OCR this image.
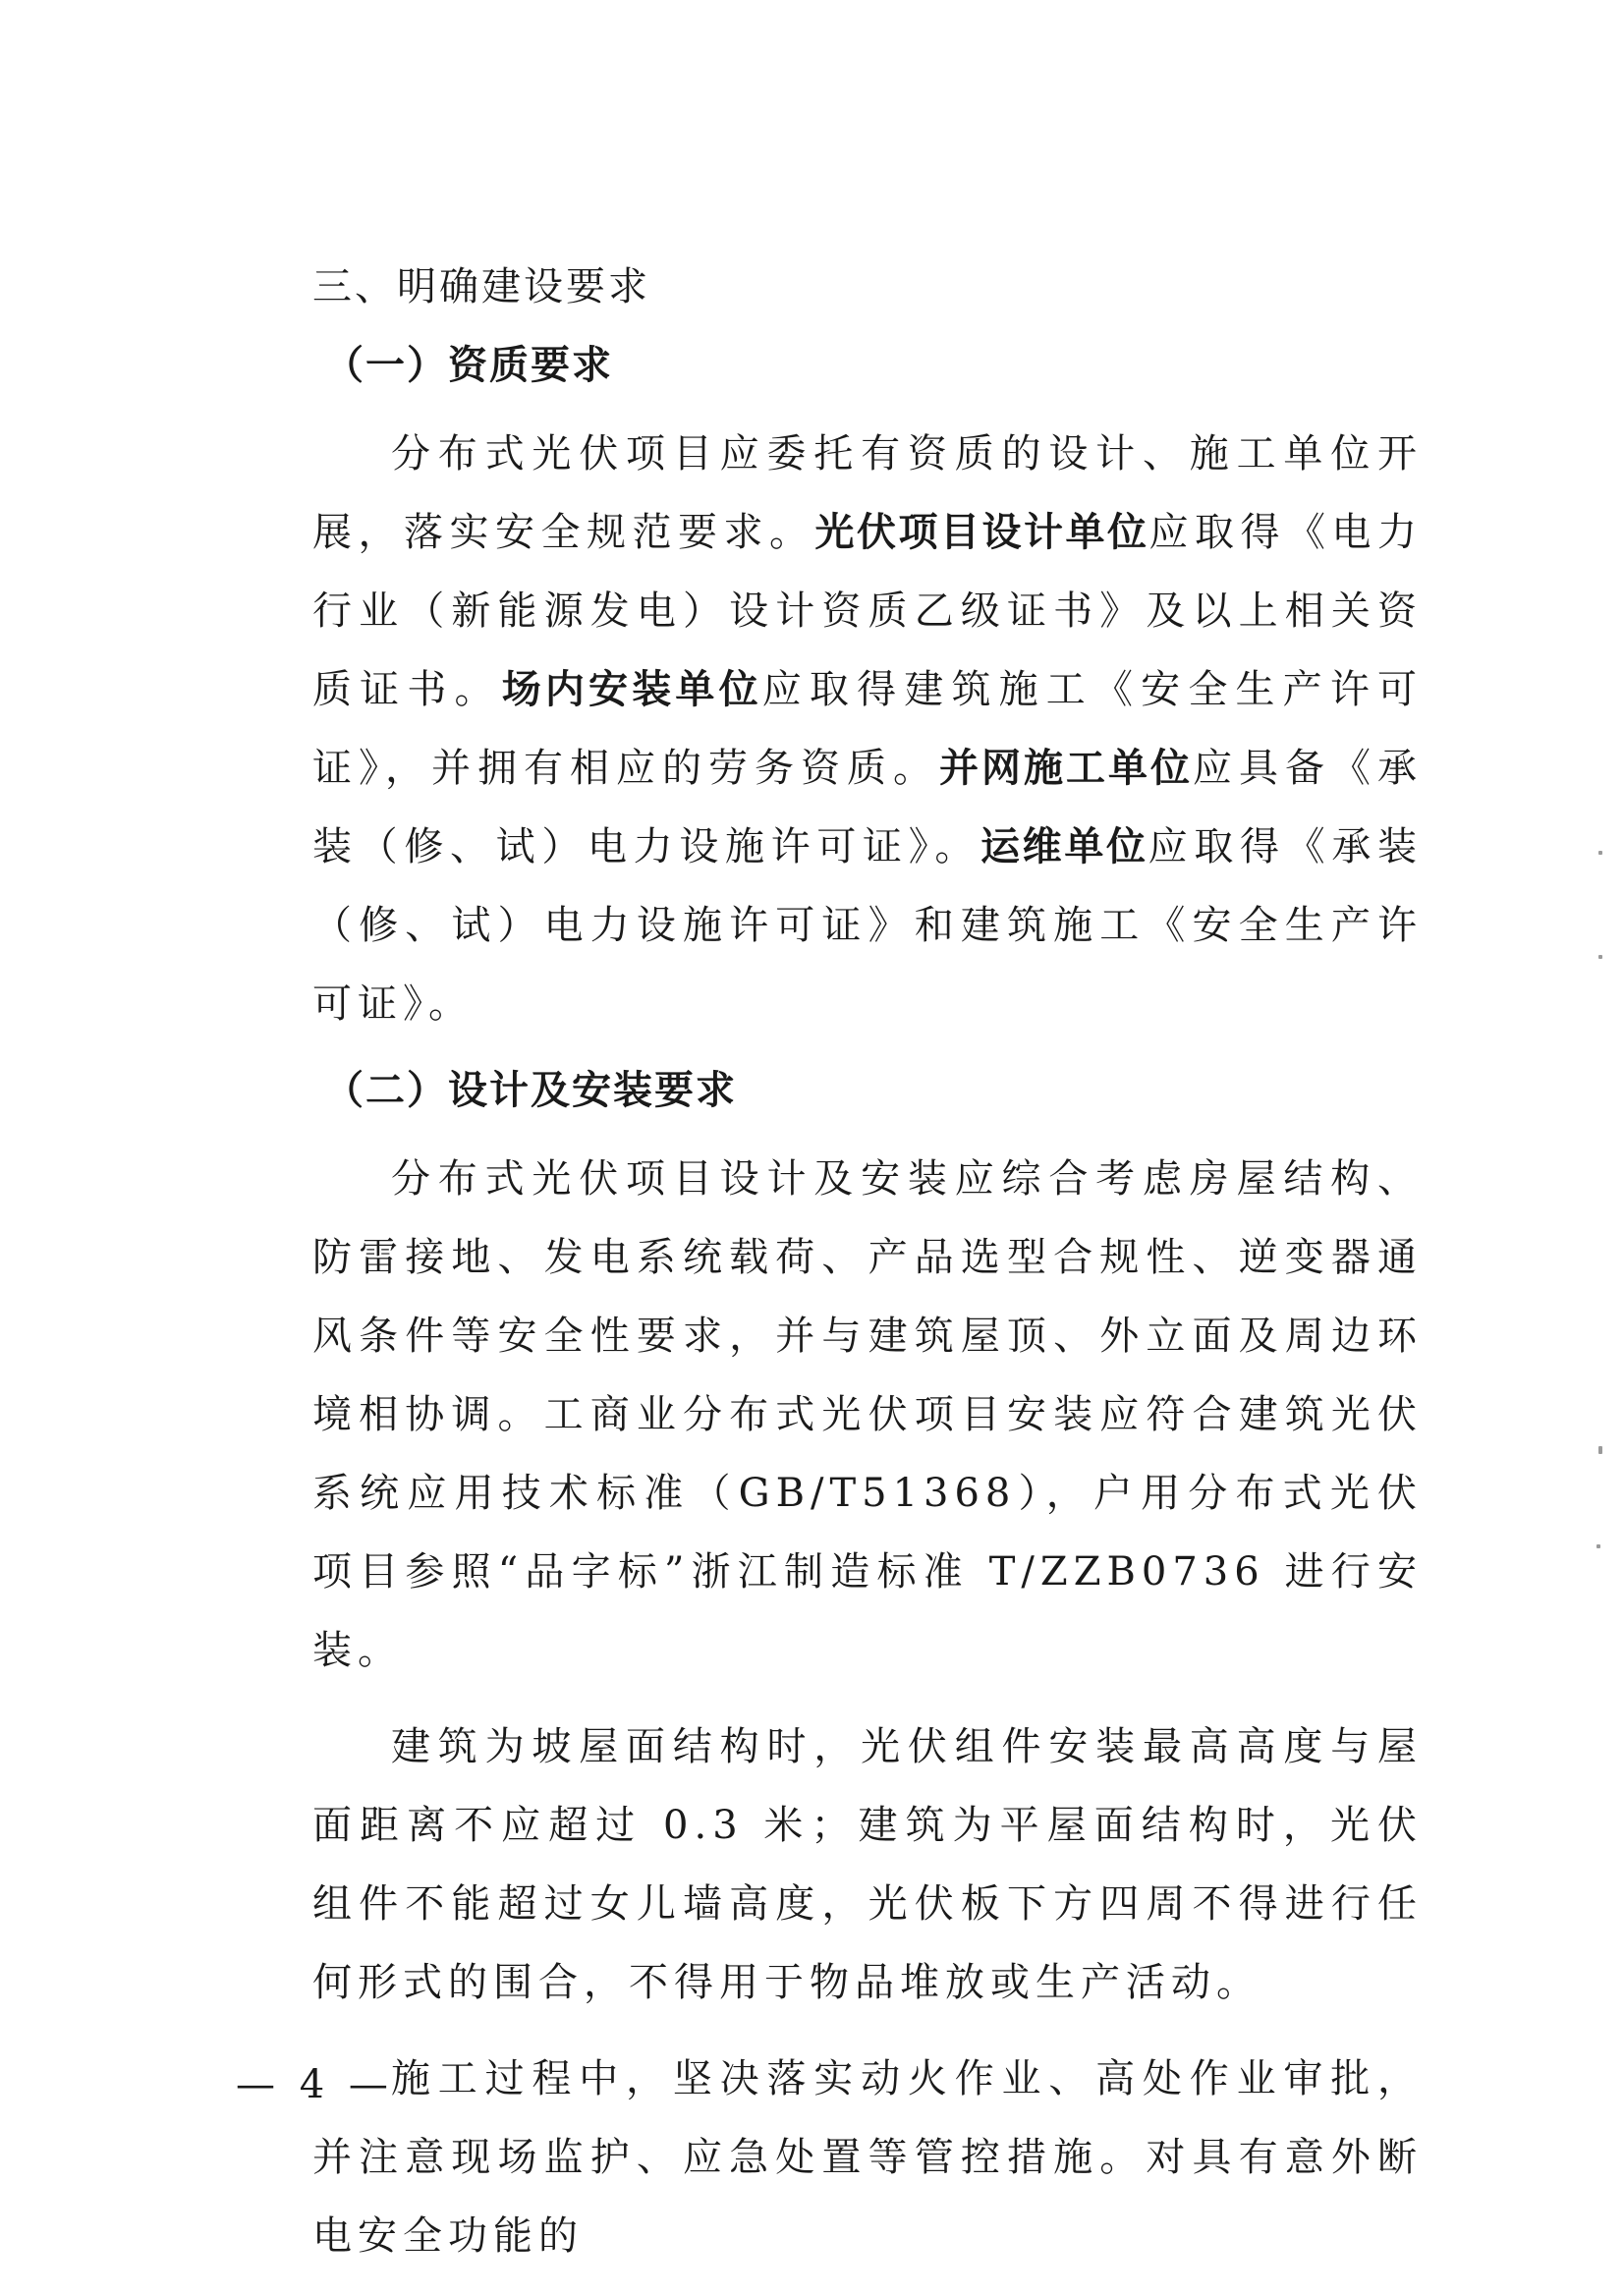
三、明确建设要求
（一）资质要求

分布式光伏项目应委托有资质的设计、施工单位开展，落实安全规范要求。光伏项目设计单位应取得《电力行业（新能源发电）设计资质乙级证书》及以上相关资质证书。场内安装单位应取得建筑施工《安全生产许可证》，并拥有相应的劳务资质。并网施工单位应具备《承装（修、试）电力设施许可证》。运维单位应取得《承装（修、试）电力设施许可证》和建筑施工《安全生产许可证》。

（二）设计及安装要求

分布式光伏项目设计及安装应综合考虑房屋结构、防雷接地、发电系统载荷、产品选型合规性、逆变器通风条件等安全性要求，并与建筑屋顶、外立面及周边环境相协调。工商业分布式光伏项目安装应符合建筑光伏系统应用技术标准（GB/T51368），户用分布式光伏项目参照“品字标”浙江制造标准 T/ZZB0736 进行安装。

建筑为坡屋面结构时，光伏组件安装最高高度与屋面距离不应超过 0.3 米；建筑为平屋面结构时，光伏组件不能超过女儿墙高度，光伏板下方四周不得进行任何形式的围合，不得用于物品堆放或生产活动。

施工过程中，坚决落实动火作业、高处作业审批，并注意现场监护、应急处置等管控措施。对具有意外断电安全功能的

— 4 —
